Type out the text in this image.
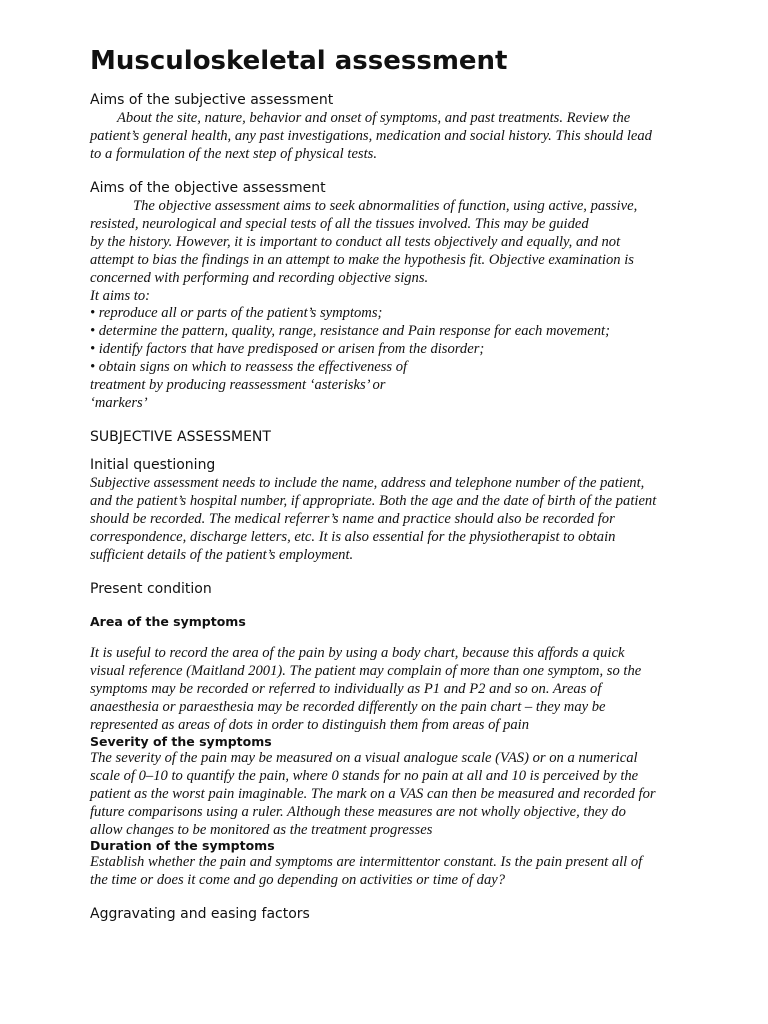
Musculoskeletal assessment
Aims of the subjective assessment
About the site, nature, behavior and onset of symptoms, and past treatments. Review the
patient’s general health, any past investigations, medication and social history. This should lead
to a formulation of the next step of physical tests.
Aims of the objective assessment
The objective assessment aims to seek abnormalities of function, using active, passive,
resisted, neurological and special tests of all the tissues involved. This may be guided
by the history. However, it is important to conduct all tests objectively and equally, and not
attempt to bias the findings in an attempt to make the hypothesis fit. Objective examination is
concerned with performing and recording objective signs.
It aims to:
• reproduce all or parts of the patient’s symptoms;
• determine the pattern, quality, range, resistance and Pain response for each movement;
• identify factors that have predisposed or arisen from the disorder;
• obtain signs on which to reassess the effectiveness of
treatment by producing reassessment ‘asterisks’ or
‘markers’
SUBJECTIVE ASSESSMENT
Initial questioning
Subjective assessment needs to include the name, address and telephone number of the patient,
and the patient’s hospital number, if appropriate. Both the age and the date of birth of the patient
should be recorded. The medical referrer’s name and practice should also be recorded for
correspondence, discharge letters, etc. It is also essential for the physiotherapist to obtain
sufficient details of the patient’s employment.
Present condition
Area of the symptoms
It is useful to record the area of the pain by using a body chart, because this affords a quick
visual reference (Maitland 2001). The patient may complain of more than one symptom, so the
symptoms may be recorded or referred to individually as P1 and P2 and so on. Areas of
anaesthesia or paraesthesia may be recorded differently on the pain chart – they may be
represented as areas of dots in order to distinguish them from areas of pain
Severity of the symptoms
The severity of the pain may be measured on a visual analogue scale (VAS) or on a numerical
scale of 0–10 to quantify the pain, where 0 stands for no pain at all and 10 is perceived by the
patient as the worst pain imaginable. The mark on a VAS can then be measured and recorded for
future comparisons using a ruler. Although these measures are not wholly objective, they do
allow changes to be monitored as the treatment progresses
Duration of the symptoms
Establish whether the pain and symptoms are intermittentor constant. Is the pain present all of
the time or does it come and go depending on activities or time of day?
Aggravating and easing factors
